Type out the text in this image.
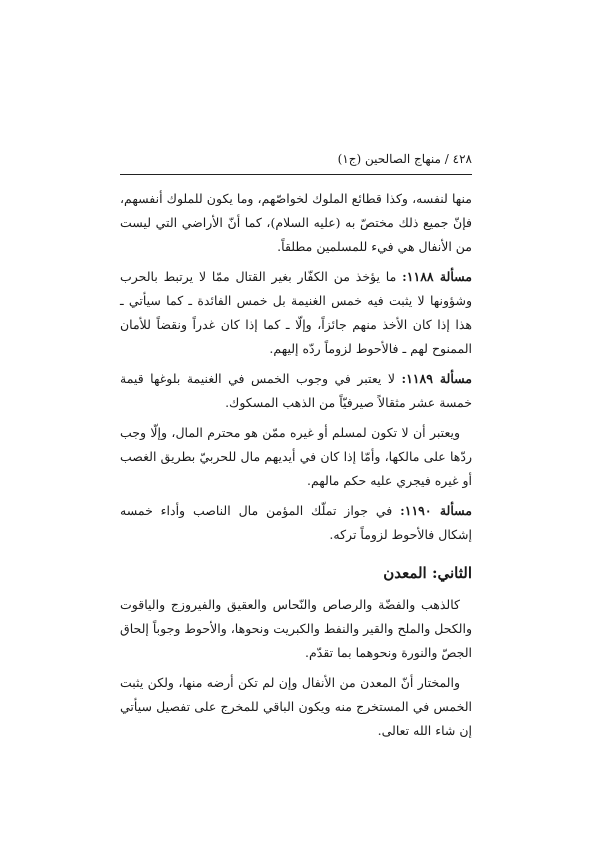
٤٢٨ / منهاج الصالحين (ج١)

منها لنفسه، وكذا قطائع الملوك لخواصّهم، وما يكون للملوك أنفسهم، فإنّ جميع ذلك مختصّ به (عليه السلام)، كما أنّ الأراضي التي ليست من الأنفال هي فيء للمسلمين مطلقاً.

مسألة ١١٨٨: ما يؤخذ من الكفّار بغير القتال ممّا لا يرتبط بالحرب وشؤونها لا يثبت فيه خمس الغنيمة بل خمس الفائدة ـ كما سيأتي ـ هذا إذا كان الأخذ منهم جائزاً، وإلّا ـ كما إذا كان غدراً ونقضاً للأمان الممنوح لهم ـ فالأحوط لزوماً ردّه إليهم.

مسألة ١١٨٩: لا يعتبر في وجوب الخمس في الغنيمة بلوغها قيمة خمسة عشر مثقالاً صيرفيّاً من الذهب المسكوك.

ويعتبر أن لا تكون لمسلم أو غيره ممّن هو محترم المال، وإلّا وجب ردّها على مالكها، وأمّا إذا كان في أيديهم مال للحربيّ بطريق الغصب أو غيره فيجري عليه حكم مالهم.

مسألة ١١٩٠: في جواز تملّك المؤمن مال الناصب وأداء خمسه إشكال فالأحوط لزوماً تركه.

الثاني: المعدن

كالذهب والفضّة والرصاص والنّحاس والعقيق والفيروزج والياقوت والكحل والملح والقير والنفط والكبريت ونحوها، والأحوط وجوباً إلحاق الجصّ والنورة ونحوهما بما تقدّم.

والمختار أنّ المعدن من الأنفال وإن لم تكن أرضه منها، ولكن يثبت الخمس في المستخرج منه ويكون الباقي للمخرج على تفصيل سيأتي إن شاء الله تعالى.
